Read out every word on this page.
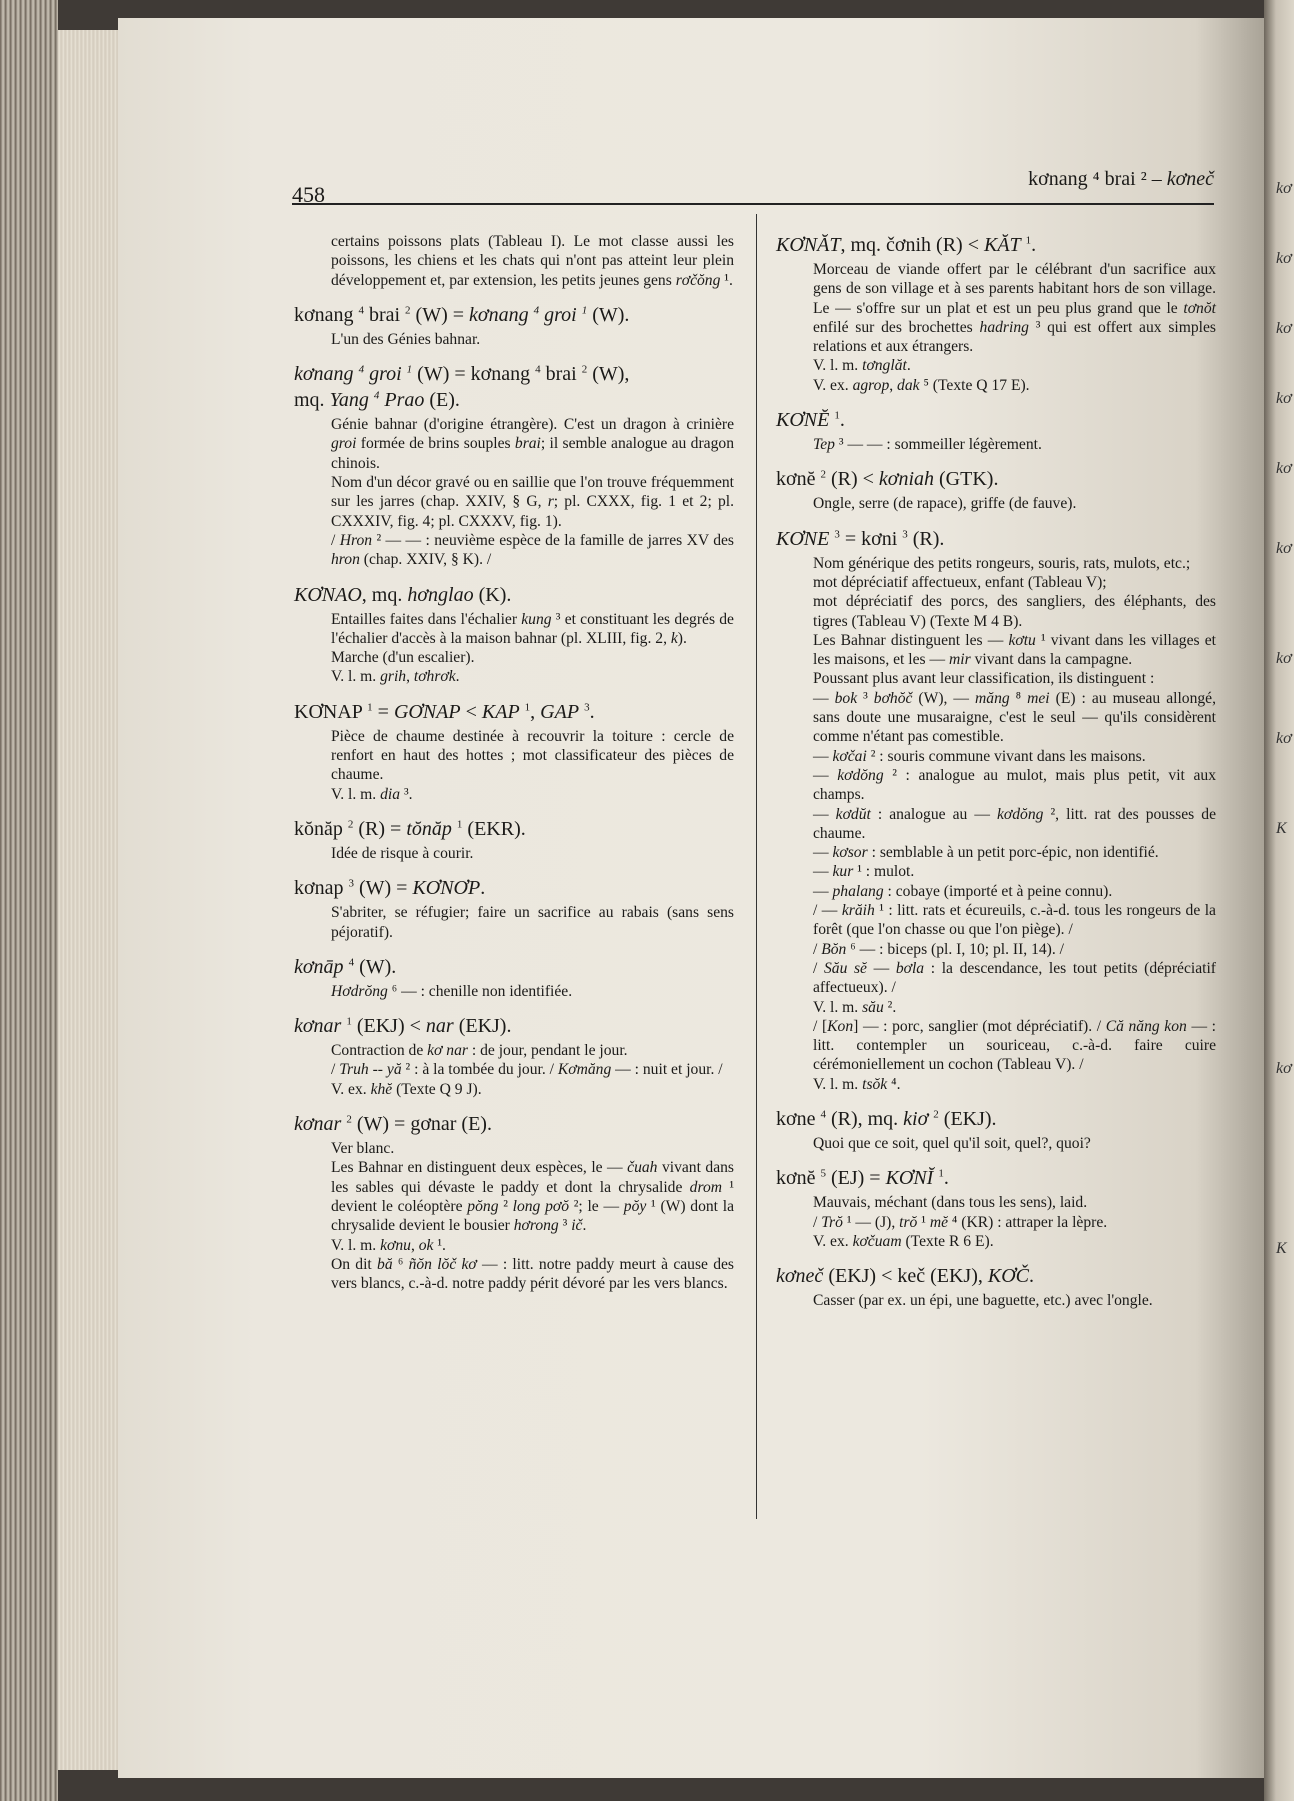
kơ
kơ
kơ
kơ
kơ
kơ
kơ
kơ
K
kơ
K
458
kơnang ⁴ brai ² – kơneč

certains poissons plats (Tableau I). Le mot classe aussi les poissons, les chiens et les chats qui n'ont pas atteint leur plein développement et, par extension, les petits jeunes gens rơčŏng ¹.

kơnang $^4$ brai $^2$ (W) = kơnang $^4$ groi $^1$ (W).

L'un des Génies bahnar.

kơnang $^4$ groi $^1$ (W) = kơnang $^4$ brai $^2$ (W),
mq. Yang $^4$ Prao (E).

Génie bahnar (d'origine étrangère). C'est un dragon à crinière groi formée de brins souples brai; il semble analogue au dragon chinois.

Nom d'un décor gravé ou en saillie que l'on trouve fréquemment sur les jarres (chap. XXIV, § G, r; pl. CXXX, fig. 1 et 2; pl. CXXXIV, fig. 4; pl. CXXXV, fig. 1).

/ Hron ² — — : neuvième espèce de la famille de jarres XV des hron (chap. XXIV, § K). /

KƠNAO, mq. hơnglao (K).

Entailles faites dans l'échalier kung ³ et constituant les degrés de l'échalier d'accès à la maison bahnar (pl. XLIII, fig. 2, k).

Marche (d'un escalier).

V. l. m. grih, tơhrơk.

KƠNAP $^1$ = GƠNAP < KAP $^1$, GAP $^3$.

Pièce de chaume destinée à recouvrir la toiture : cercle de renfort en haut des hottes ; mot classificateur des pièces de chaume.

V. l. m. dia ³.

kŏnăp $^2$ (R) = tŏnăp $^1$ (EKR).

Idée de risque à courir.

kơnap $^3$ (W) = KƠNƠP.

S'abriter, se réfugier; faire un sacrifice au rabais (sans sens péjoratif).

kơnāp $^4$ (W).

Hơdrŏng ⁶ — : chenille non identifiée.

kơnar $^1$ (EKJ) < nar (EKJ).

Contraction de kơ nar : de jour, pendant le jour.

/ Truh -- yă ² : à la tombée du jour. / Kơmăng — : nuit et jour. /

V. ex. khĕ (Texte Q 9 J).

kơnar $^2$ (W) = gơnar (E).

Ver blanc.

Les Bahnar en distinguent deux espèces, le — čuah vivant dans les sables qui dévaste le paddy et dont la chrysalide drom ¹ devient le coléoptère pŏng ² long pơŏ ²; le — pŏy ¹ (W) dont la chrysalide devient le bousier hơrong ³ ič.

V. l. m. kơnu, ok ¹.

On dit bă ⁶ ñŏn lŏč kơ — : litt. notre paddy meurt à cause des vers blancs, c.-à-d. notre paddy périt dévoré par les vers blancs.

KƠNĂT, mq. čơnih (R) < KĂT $^1$.

Morceau de viande offert par le célébrant d'un sacrifice aux gens de son village et à ses parents habitant hors de son village. Le — s'offre sur un plat et est un peu plus grand que le tơnŏt enfilé sur des brochettes hadring ³ qui est offert aux simples relations et aux étrangers.

V. l. m. tơnglăt.

V. ex. agrop, dak ⁵ (Texte Q 17 E).

KƠNĔ $^1$.

Tep ³ — — : sommeiller légèrement.

kơnĕ $^2$ (R) < kơniah (GTK).

Ongle, serre (de rapace), griffe (de fauve).

KƠNE $^3$ = kơni $^3$ (R).

Nom générique des petits rongeurs, souris, rats, mulots, etc.;

mot dépréciatif affectueux, enfant (Tableau V);

mot dépréciatif des porcs, des sangliers, des éléphants, des tigres (Tableau V) (Texte M 4 B).

Les Bahnar distinguent les — kơtu ¹ vivant dans les villages et les maisons, et les — mir vivant dans la campagne.

Poussant plus avant leur classification, ils distinguent :

— bok ³ bơhŏč (W), — măng ⁸ mei (E) : au museau allongé, sans doute une musaraigne, c'est le seul — qu'ils considèrent comme n'étant pas comestible.

— kơčai ² : souris commune vivant dans les maisons.

— kơdŏng ² : analogue au mulot, mais plus petit, vit aux champs.

— kơdŭt : analogue au — kơdŏng ², litt. rat des pousses de chaume.

— kơsor : semblable à un petit porc-épic, non identifié.

— kur ¹ : mulot.

— phalang : cobaye (importé et à peine connu).

/ — krăih ¹ : litt. rats et écureuils, c.-à-d. tous les rongeurs de la forêt (que l'on chasse ou que l'on piège). /

/ Bŏn ⁶ — : biceps (pl. I, 10; pl. II, 14). /

/ Său sĕ — bơla : la descendance, les tout petits (dépréciatif affectueux). /

V. l. m. său ².

/ [Kon] — : porc, sanglier (mot dépréciatif). / Că năng kon — : litt. contempler un souriceau, c.-à-d. faire cuire cérémoniellement un cochon (Tableau V). /

V. l. m. tsŏk ⁴.

kơne $^4$ (R), mq. kiơ $^2$ (EKJ).

Quoi que ce soit, quel qu'il soit, quel?, quoi?

kơnĕ $^5$ (EJ) = KƠNĬ $^1$.

Mauvais, méchant (dans tous les sens), laid.

/ Trŏ ¹ — (J), trŏ ¹ mĕ ⁴ (KR) : attraper la lèpre.

V. ex. kơčuam (Texte R 6 E).

kơneč (EKJ) < keč (EKJ), KƠČ.

Casser (par ex. un épi, une baguette, etc.) avec l'ongle.
